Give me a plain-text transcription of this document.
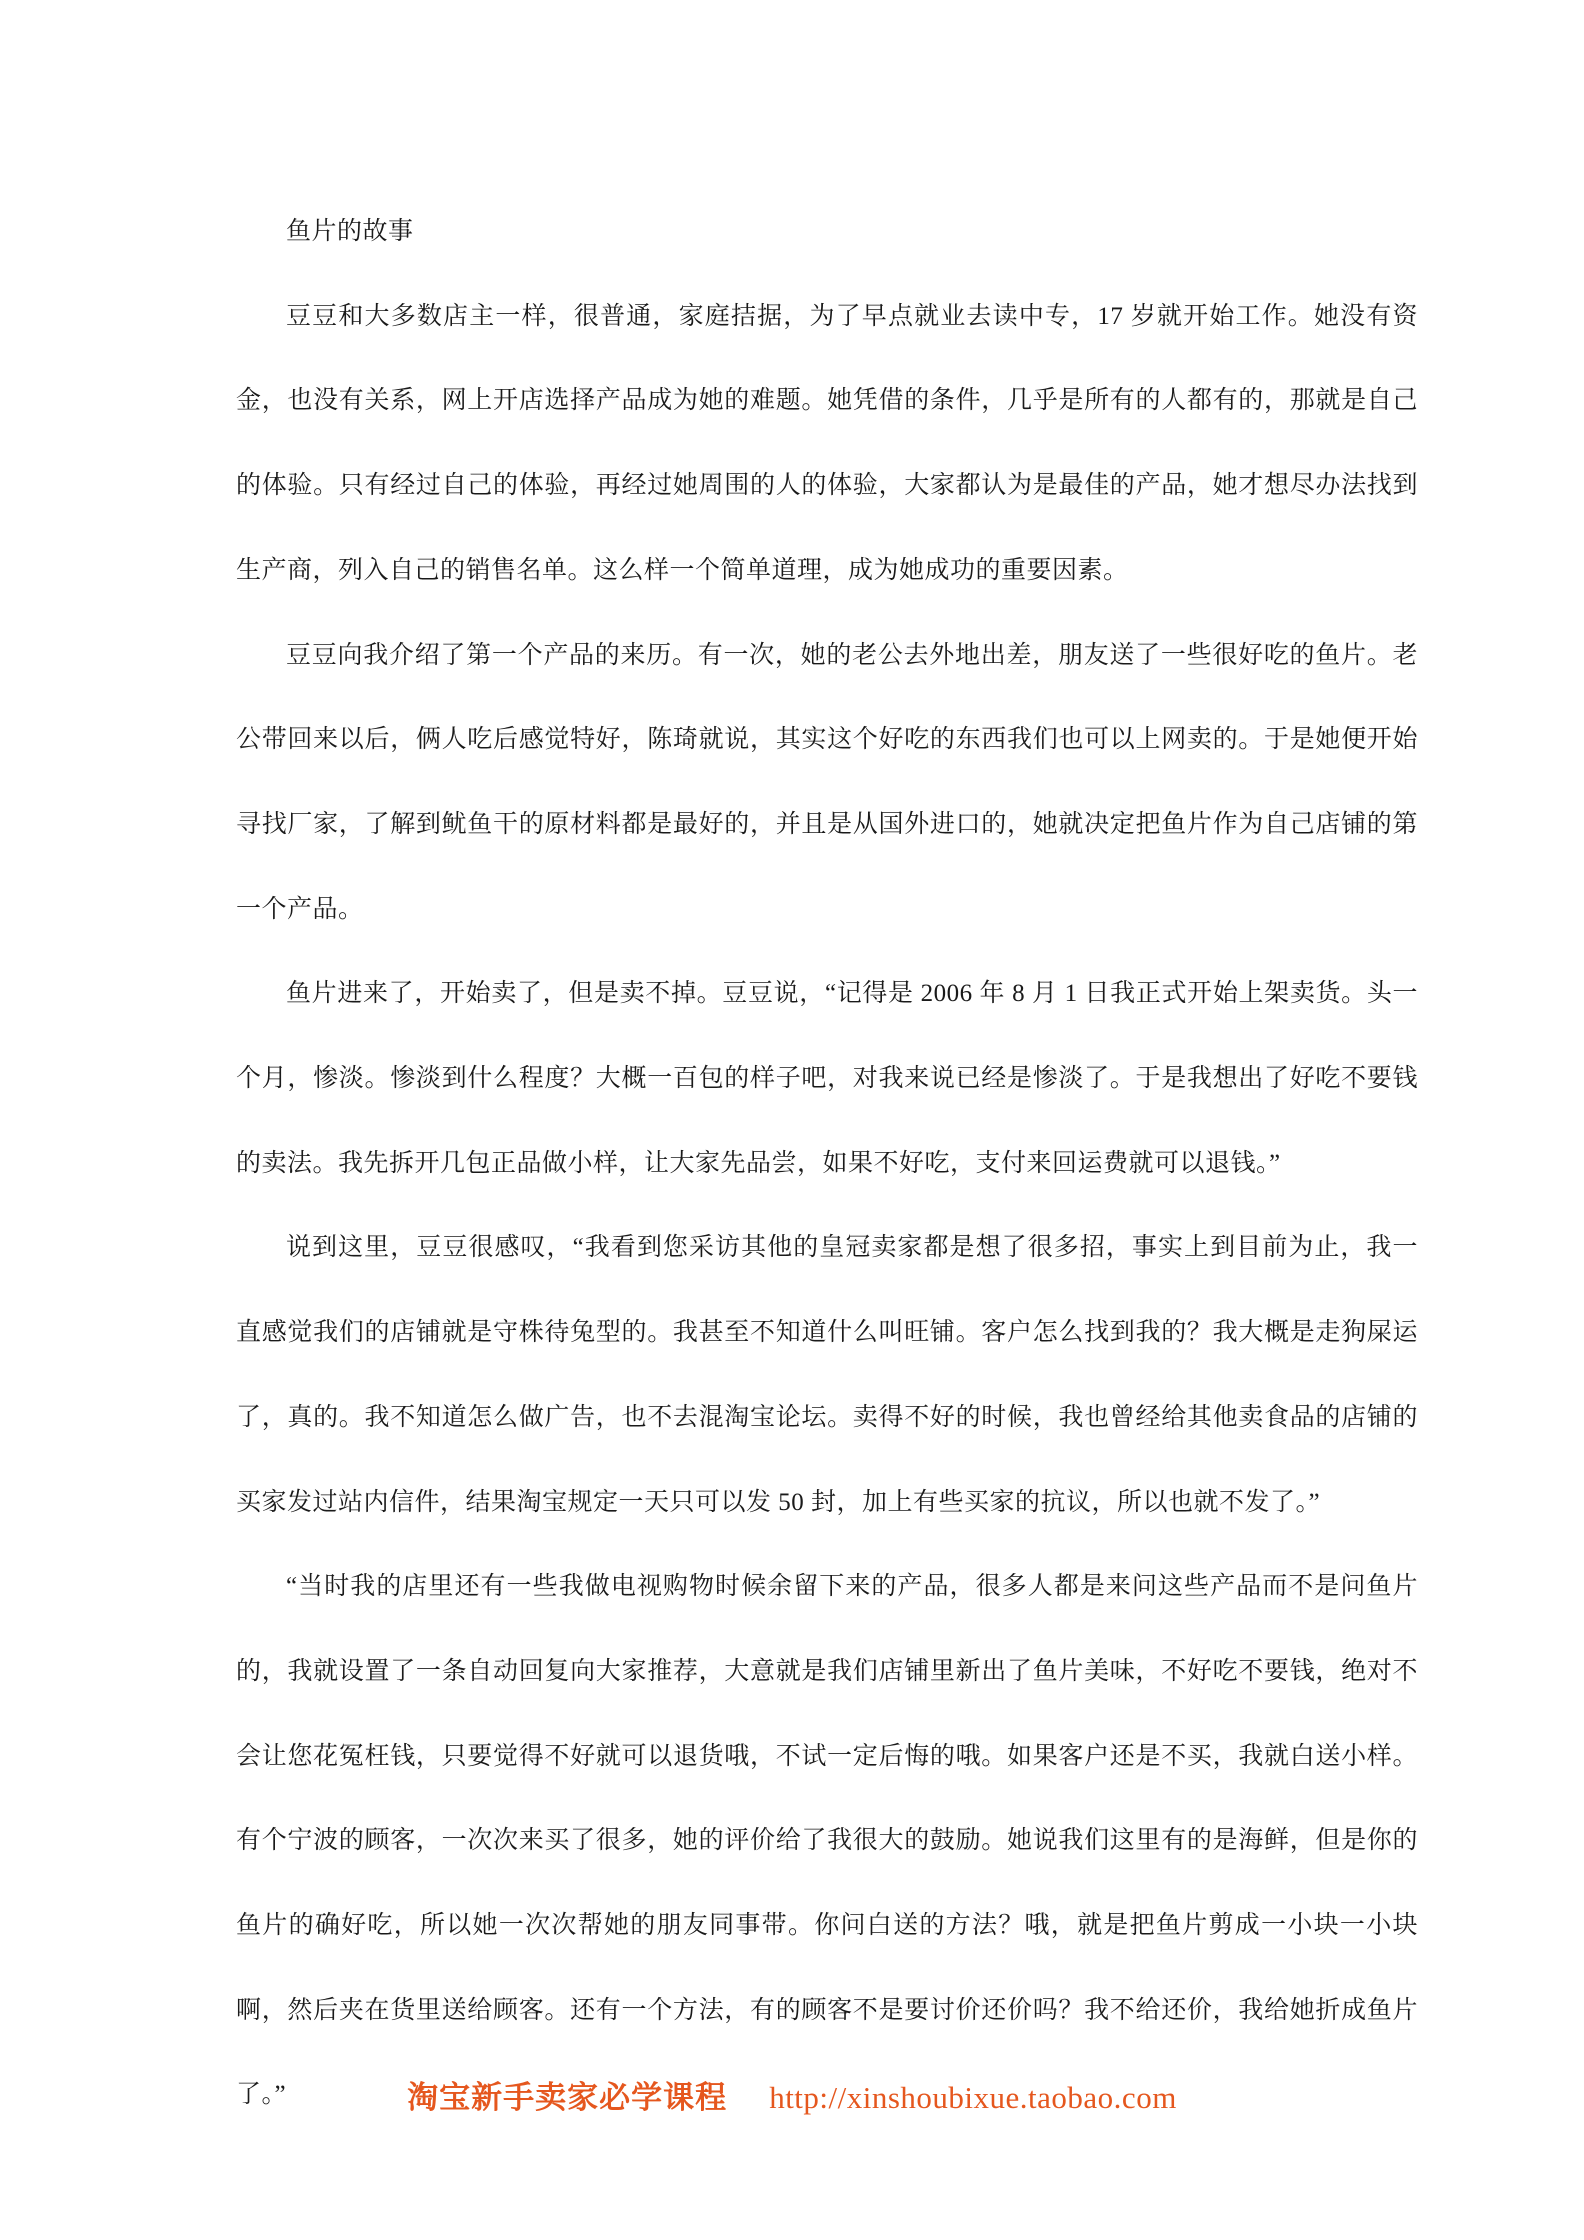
鱼片的故事

豆豆和大多数店主一样，很普通，家庭拮据，为了早点就业去读中专，17 岁就开始工作。她没有资金，也没有关系，网上开店选择产品成为她的难题。她凭借的条件，几乎是所有的人都有的，那就是自己的体验。只有经过自己的体验，再经过她周围的人的体验，大家都认为是最佳的产品，她才想尽办法找到生产商，列入自己的销售名单。这么样一个简单道理，成为她成功的重要因素。

豆豆向我介绍了第一个产品的来历。有一次，她的老公去外地出差，朋友送了一些很好吃的鱼片。老公带回来以后，俩人吃后感觉特好，陈琦就说，其实这个好吃的东西我们也可以上网卖的。于是她便开始寻找厂家，了解到鱿鱼干的原材料都是最好的，并且是从国外进口的，她就决定把鱼片作为自己店铺的第一个产品。

鱼片进来了，开始卖了，但是卖不掉。豆豆说，“记得是 2006 年 8 月 1 日我正式开始上架卖货。头一个月，惨淡。惨淡到什么程度？大概一百包的样子吧，对我来说已经是惨淡了。于是我想出了好吃不要钱的卖法。我先拆开几包正品做小样，让大家先品尝，如果不好吃，支付来回运费就可以退钱。”

说到这里，豆豆很感叹，“我看到您采访其他的皇冠卖家都是想了很多招，事实上到目前为止，我一直感觉我们的店铺就是守株待兔型的。我甚至不知道什么叫旺铺。客户怎么找到我的？我大概是走狗屎运了，真的。我不知道怎么做广告，也不去混淘宝论坛。卖得不好的时候，我也曾经给其他卖食品的店铺的买家发过站内信件，结果淘宝规定一天只可以发 50 封，加上有些买家的抗议，所以也就不发了。”

“当时我的店里还有一些我做电视购物时候余留下来的产品，很多人都是来问这些产品而不是问鱼片的，我就设置了一条自动回复向大家推荐，大意就是我们店铺里新出了鱼片美味，不好吃不要钱，绝对不会让您花冤枉钱，只要觉得不好就可以退货哦，不试一定后悔的哦。如果客户还是不买，我就白送小样。有个宁波的顾客，一次次来买了很多，她的评价给了我很大的鼓励。她说我们这里有的是海鲜，但是你的鱼片的确好吃，所以她一次次帮她的朋友同事带。你问白送的方法？哦，就是把鱼片剪成一小块一小块啊，然后夹在货里送给顾客。还有一个方法，有的顾客不是要讨价还价吗？我不给还价，我给她折成鱼片了。”	淘宝新手卖家必学课程 http://xinshoubixue.taobao.com
